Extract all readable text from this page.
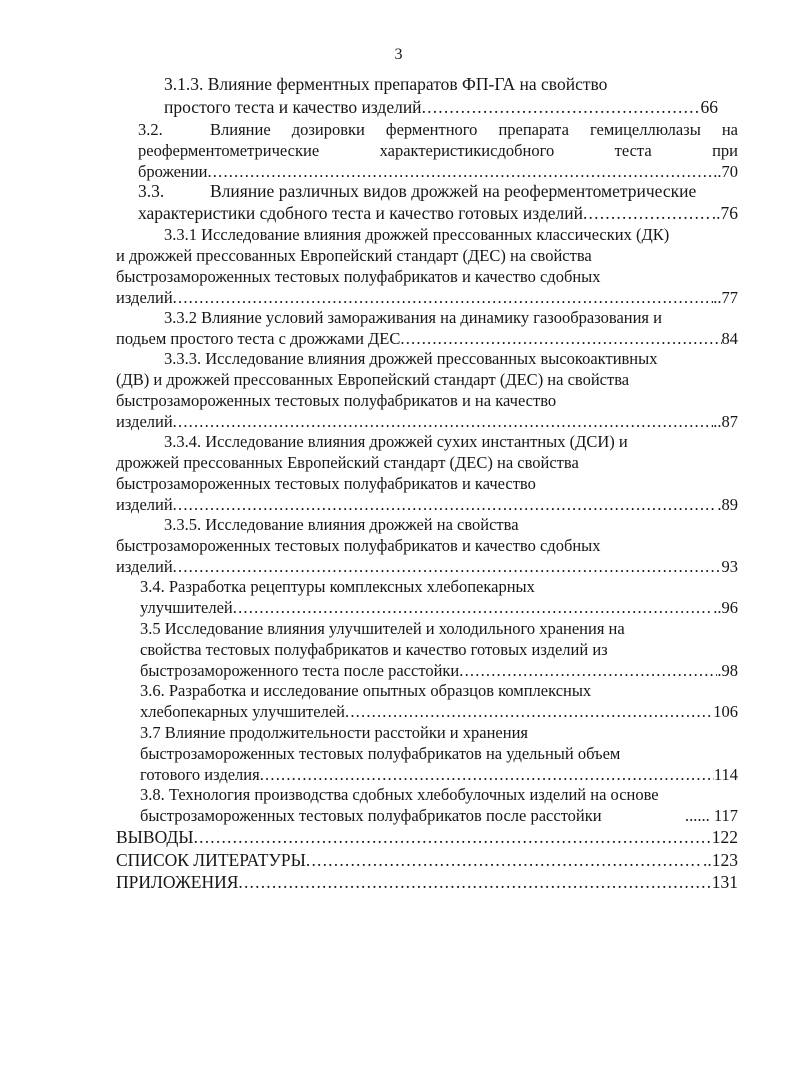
3
3.1.3. Влияние ферментных препаратов ФП-ГА на свойство
простого теста и качество изделий .....	66
3.2.	Влияние дозировки ферментного препарата гемицеллюлазы на
реоферментометрические характеристикисдобного теста при
брожении .....	..70
3.3.	Влияние различных видов дрожжей на реоферментометрические
характеристики сдобного теста и качество готовых изделий .....	..76
3.3.1 Исследование влияния дрожжей прессованных классических (ДК)
и дрожжей прессованных Европейский стандарт (ДЕС) на свойства
быстрозамороженных тестовых полуфабрикатов и качество сдобных
изделий .....	..77
3.3.2 Влияние условий замораживания на динамику газообразования и
подьем простого теста с дрожжами ДЕС .....	84
3.3.3. Исследование влияния дрожжей прессованных высокоактивных
(ДВ) и дрожжей прессованных Европейский стандарт (ДЕС) на свойства
быстрозамороженных тестовых полуфабрикатов и на качество
изделий .....	..87
3.3.4. Исследование влияния дрожжей сухих инстантных (ДСИ) и
дрожжей прессованных Европейский стандарт (ДЕС) на свойства
быстрозамороженных тестовых полуфабрикатов и качество
изделий .....	.89
3.3.5. Исследование влияния дрожжей на свойства
быстрозамороженных тестовых полуфабрикатов и качество сдобных
изделий .....	93
3.4. Разработка рецептуры комплексных хлебопекарных
улучшителей .....	..96
3.5 Исследование влияния улучшителей и холодильного хранения на
свойства тестовых полуфабрикатов и качество готовых изделий из
быстрозамороженного теста после расстойки .....	.98
3.6. Разработка и исследование опытных образцов комплексных
хлебопекарных улучшителей .....	106
3.7 Влияние продолжительности расстойки и хранения
быстрозамороженных тестовых полуфабрикатов на удельный объем
готового изделия .....	114
3.8. Технология производства сдобных хлебобулочных изделий на основе
быстрозамороженных тестовых полуфабрикатов после расстойки	...... 117
ВЫВОДЫ .....	122
СПИСОК ЛИТЕРАТУРЫ .....	..123
ПРИЛОЖЕНИЯ .....	131
